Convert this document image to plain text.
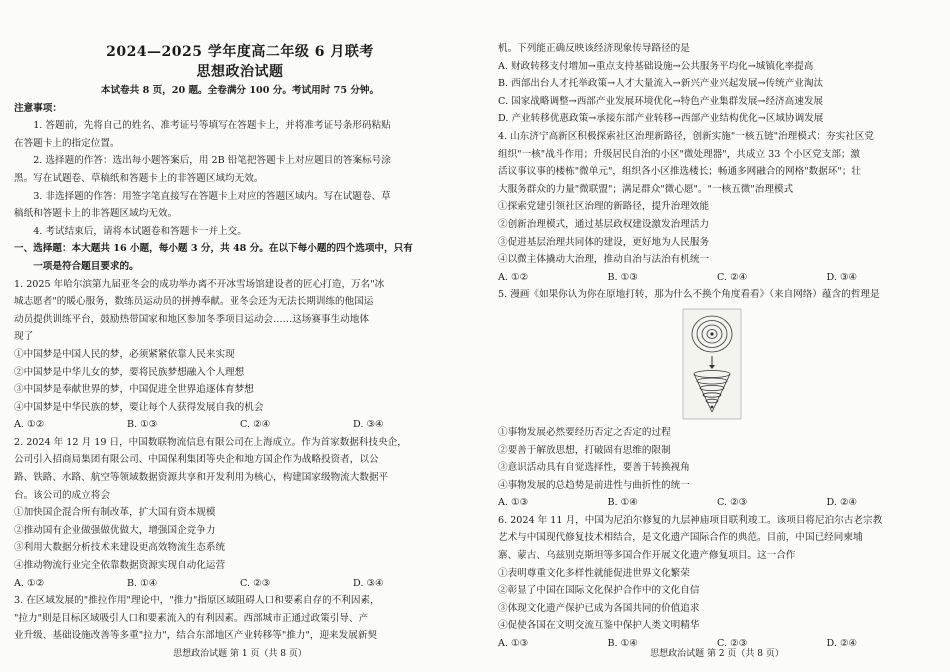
2024—2025 学年度高二年级 6 月联考
思想政治试题

本试卷共 8 页，20 题。全卷满分 100 分。考试用时 75 分钟。

注意事项：

1. 答题前，先将自己的姓名、准考证号等填写在答题卡上，并将准考证号条形码粘贴

在答题卡上的指定位置。

2. 选择题的作答：选出每小题答案后，用 2B 铅笔把答题卡上对应题目的答案标号涂

黑。写在试题卷、草稿纸和答题卡上的非答题区域均无效。

3. 非选择题的作答：用签字笔直接写在答题卡上对应的答题区域内。写在试题卷、草

稿纸和答题卡上的非答题区域均无效。

4. 考试结束后，请将本试题卷和答题卡一并上交。

一、选择题：本大题共 16 小题，每小题 3 分，共 48 分。在以下每小题的四个选项中，只有

一项是符合题目要求的。

1. 2025 年哈尔滨第九届亚冬会的成功举办离不开冰雪场馆建设者的匠心打造，万名"冰

城志愿者"的暖心服务，数练员运动员的拼搏奉献。亚冬会还为无法长期训练的他国运

动员提供训练平台，鼓励热带国家和地区参加冬季项目运动会……这场赛事生动地体

现了

①中国梦是中国人民的梦，必须紧紧依靠人民来实现

②中国梦是中华儿女的梦，要将民族梦想融入个人理想

③中国梦是奉献世界的梦，中国促进全世界追逐体育梦想

④中国梦是中华民族的梦，要让每个人获得发展自我的机会

A. ①②	B. ①③	C. ②④	D. ③④

2. 2024 年 12 月 19 日，中国数联物流信息有限公司在上海成立。作为首家数据科技央企，

公司引入招商局集团有限公司、中国保利集团等央企和地方国企作为战略投资者，以公

路、铁路、水路、航空等领域数据资源共享和开发利用为核心，构建国家级物流大数据平

台。该公司的成立将会

①加快国企混合所有制改革，扩大国有资本规模

②推动国有企业做强做优做大，增强国企竞争力

③利用大数据分析技术来建设更高效物流生态系统

④推动物流行业完全依靠数据资源实现自动化运营

A. ①②	B. ①④	C. ②③	D. ③④

3. 在区域发展的"推拉作用"理论中，"推力"指原区域阻碍人口和要素自存的不利因素，

"拉力"则是目标区域吸引人口和要素流入的有利因素。西部城市正通过政策引导、产

业升级、基础设施改善等多重"拉力"，结合东部地区产业转移等"推力"，迎来发展新契

思想政治试题 第 1 页（共 8 页）

机。下列能正确反映该经济现象传导路径的是

A. 财政转移支付增加→重点支持基础设施→公共服务平均化→城镇化率提高

B. 西部出台人才托举政策→人才大量流入→新兴产业兴起发展→传统产业淘汰

C. 国家战略调整→西部产业发展环境优化→特色产业集群发展→经济高速发展

D. 产业转移优惠政策→承接东部产业转移→西部产业结构优化→区域协调发展

4. 山东济宁高新区积极探索社区治理新路径，创新实施"一核五链"治理模式：夯实社区党

组织"一核"战斗作用；升级居民自治的小区"微处理器"，共成立 33 个小区党支部；激

活议事议事的楼栋"微单元"，组织各小区推选楼长；畅通多网融合的网格"数据环"；壮

大服务群众的力量"微联盟"；满足群众"微心愿"。"一核五微"治理模式

①探索党建引领社区治理的新路径，提升治理效能

②创新治理模式，通过基层政权建设激发治理活力

③促进基层治理共同体的建设，更好地为人民服务

④以微主体撬动大治理，推动自治与法治有机统一

A. ①②	B. ①③	C. ②④	D. ③④

5. 漫画《如果你认为你在原地打转，那为什么不换个角度看看》（来自网络）蕴含的哲理是

①事物发展必然要经历否定之否定的过程

②要善于解放思想，打破固有思维的限制

③意识活动具有自觉选择性，要善于转换视角

④事物发展的总趋势是前进性与曲折性的统一

A. ①③	B. ①④	C. ②③	D. ②④

6. 2024 年 11 月，中国为尼泊尔修复的九层神庙项目联利竣工。该项目将尼泊尔古老宗教

艺术与中国现代修复技术相结合，是文化遗产国际合作的典范。目前，中国已经同柬埔

寨、蒙古、乌兹别克斯坦等多国合作开展文化遗产修复项目。这一合作

①表明尊重文化多样性就能促进世界文化繁荣

②彰显了中国在国际文化保护合作中的文化自信

③体现文化遗产保护已成为各国共同的价值追求

④促使各国在文明交流互鉴中保护人类文明精华

A. ①③	B. ①④	C. ②③	D. ②④
思想政治试题 第 2 页（共 8 页）
